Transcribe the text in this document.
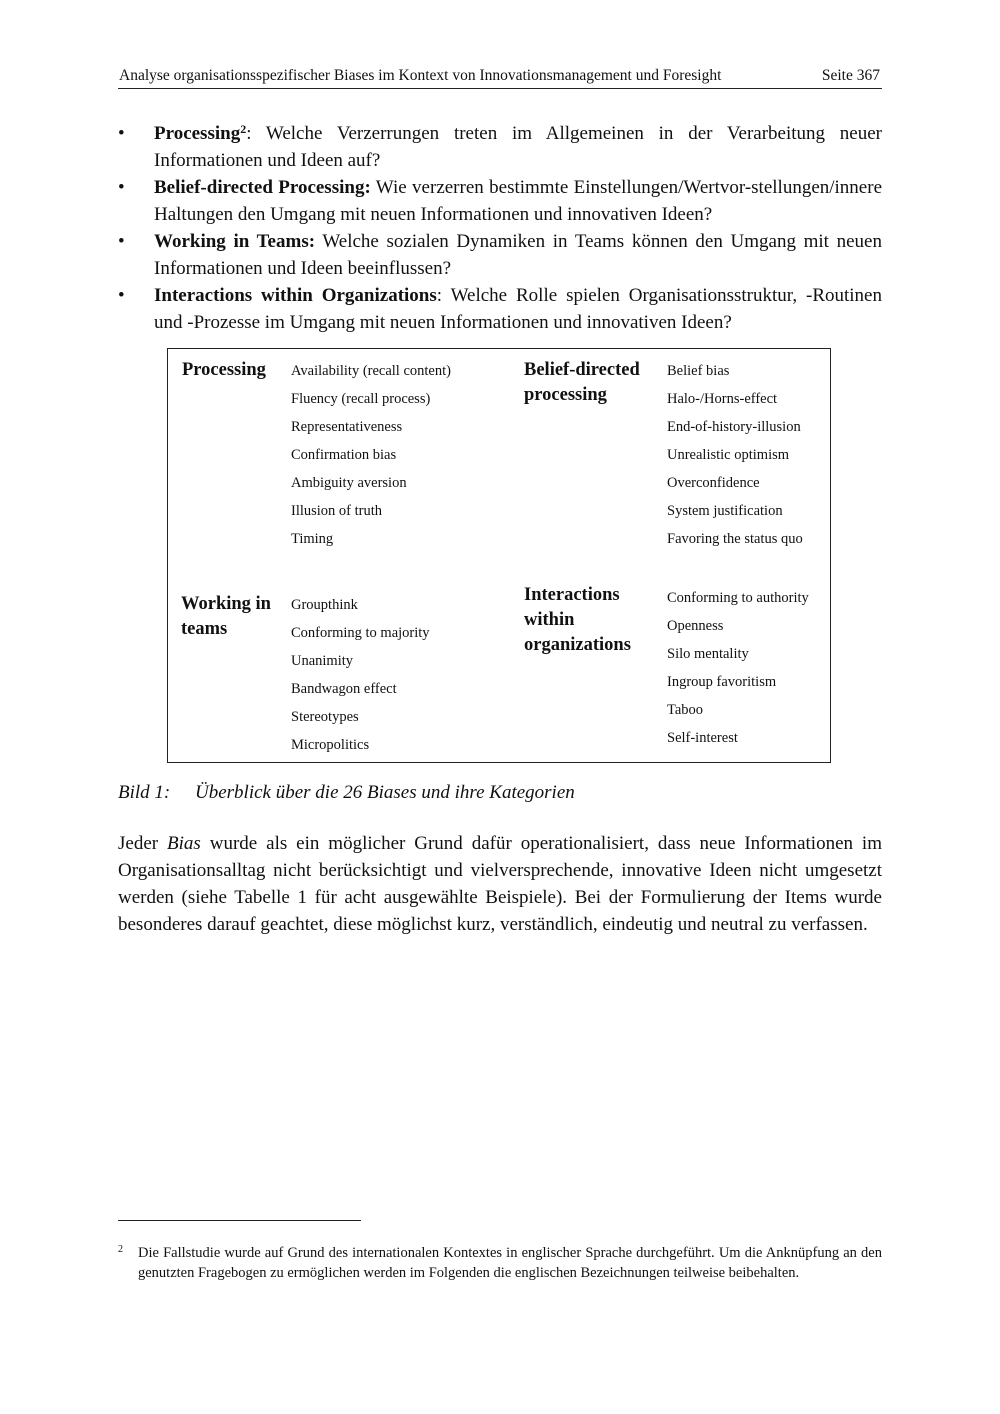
Analyse organisationsspezifischer Biases im Kontext von Innovationsmanagement und Foresight	Seite 367
• Processing$^2$: Welche Verzerrungen treten im Allgemeinen in der Verarbeitung neuer Informationen und Ideen auf?
• Belief-directed Processing: Wie verzerren bestimmte Einstellungen/Wertvor-stellungen/innere Haltungen den Umgang mit neuen Informationen und innovativen Ideen?
• Working in Teams: Welche sozialen Dynamiken in Teams können den Umgang mit neuen Informationen und Ideen beeinflussen?
• Interactions within Organizations: Welche Rolle spielen Organisationsstruktur, -Routinen und -Prozesse im Umgang mit neuen Informationen und innovativen Ideen?
Processing Availability (recall content)
Fluency (recall process)
Representativeness
Confirmation bias
Ambiguity aversion
Illusion of truth
Timing
Belief-directed
processing
Belief bias
Halo-/Horns-effect
End-of-history-illusion
Unrealistic optimism
Overconfidence
System justification
Favoring the status quo
Working in
teams
Groupthink
Conforming to majority
Unanimity
Bandwagon effect
Stereotypes
Micropolitics
Interactions
within
organizations
Conforming to authority
Openness
Silo mentality
Ingroup favoritism
Taboo
Self-interest
Bild 1: Überblick über die 26 Biases und ihre Kategorien

Jeder Bias wurde als ein möglicher Grund dafür operationalisiert, dass neue Informationen im Organisationsalltag nicht berücksichtigt und vielversprechende, innovative Ideen nicht umgesetzt werden (siehe Tabelle 1 für acht ausgewählte Beispiele). Bei der Formulierung der Items wurde besonderes darauf geachtet, diese möglichst kurz, verständlich, eindeutig und neutral zu verfassen.

2	Die Fallstudie wurde auf Grund des internationalen Kontextes in englischer Sprache durchgeführt. Um die Anknüpfung an den genutzten Fragebogen zu ermöglichen werden im Folgenden die englischen Bezeichnungen teilweise beibehalten.
